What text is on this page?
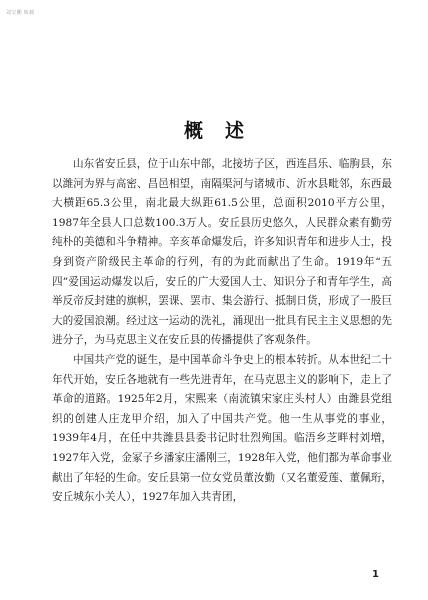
刘宝鹏 转载
概 述

山东省安丘县，位于山东中部，北接坊子区，西连昌乐、临朐县，东以潍河为界与高密、昌邑相望，南隔渠河与诸城市、沂水县毗邻，东西最大横距65.3公里，南北最大纵距61.5公里，总面积2010平方公里，1987年全县人口总数100.3万人。安丘县历史悠久，人民群众素有勤劳纯朴的美德和斗争精神。辛亥革命爆发后，许多知识青年和进步人士，投身到资产阶级民主革命的行列，有的为此而献出了生命。1919年“五四”爱国运动爆发以后，安丘的广大爱国人士、知识分子和青年学生，高举反帝反封建的旗帜，罢课、罢市、集会游行、抵制日货，形成了一股巨大的爱国浪潮。经过这一运动的洗礼，涌现出一批具有民主主义思想的先进分子，为马克思主义在安丘县的传播提供了客观条件。

中国共产党的诞生，是中国革命斗争史上的根本转折。从本世纪二十年代开始，安丘各地就有一些先进青年，在马克思主义的影响下，走上了革命的道路。1925年2月，宋熙来（南流镇宋家庄头村人）由潍县党组织的创建人庄龙甲介绍，加入了中国共产党。他一生从事党的事业，1939年4月，在任中共潍县县委书记时壮烈殉国。临浯乡芝畔村刘増，1927年入党，金冢子乡潘家庄潘刚三，1928年入党，他们都为革命事业献出了年轻的生命。安丘县第一位女党员董汝勤（又名董爱莲、董佩珩，安丘城东小关人），1927年加入共青团，

1
